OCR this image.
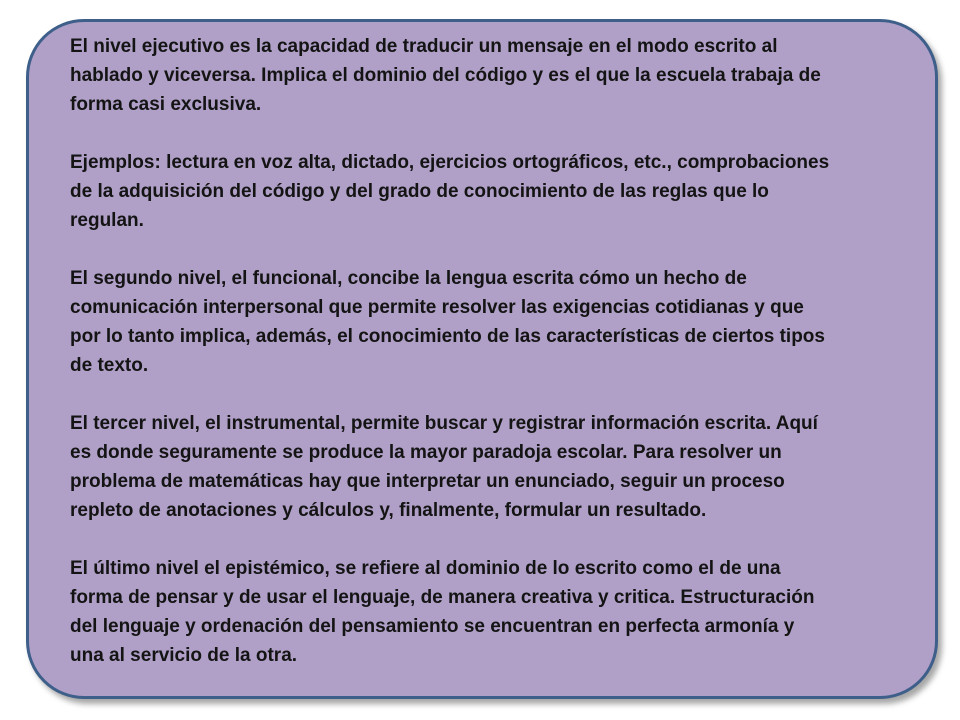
El nivel ejecutivo es la capacidad de traducir un mensaje en el modo escrito al
hablado y viceversa. Implica el dominio del código y es el que la escuela trabaja de
forma casi exclusiva.

Ejemplos: lectura en voz alta, dictado, ejercicios ortográficos, etc., comprobaciones
de la adquisición del código y del grado de conocimiento de las reglas que lo
regulan.

El segundo nivel, el funcional, concibe la lengua escrita cómo un hecho de
comunicación interpersonal que permite resolver las exigencias cotidianas y que
por lo tanto implica, además, el conocimiento de las características de ciertos tipos
de texto.

El tercer nivel, el instrumental, permite buscar y registrar información escrita. Aquí
es donde seguramente se produce la mayor paradoja escolar. Para resolver un
problema de matemáticas hay que interpretar un enunciado, seguir un proceso
repleto de anotaciones y cálculos y, finalmente, formular un resultado.

El último nivel el epistémico, se refiere al dominio de lo escrito como el de una
forma de pensar y de usar el lenguaje, de manera creativa y critica. Estructuración
del lenguaje y ordenación del pensamiento se encuentran en perfecta armonía y
una al servicio de la otra.
